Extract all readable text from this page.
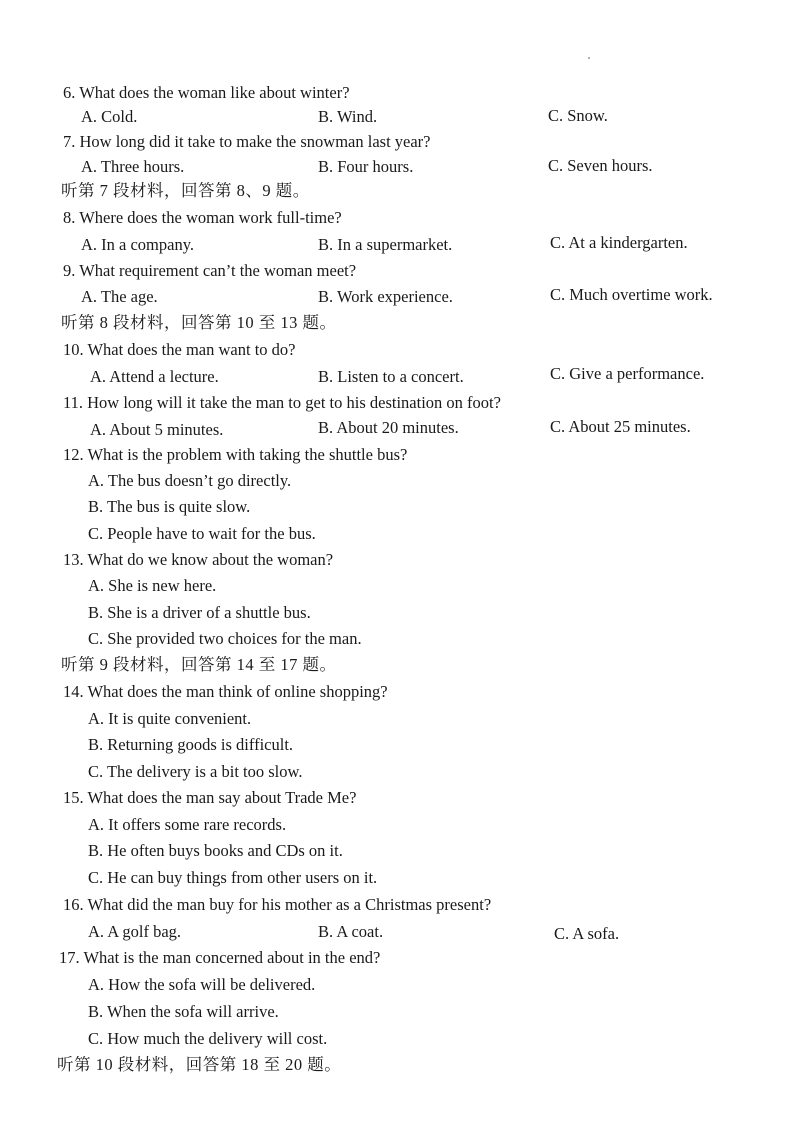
6. What does the woman like about winter?
A. Cold.	B. Wind.	C. Snow.
7. How long did it take to make the snowman last year?
A. Three hours.	B. Four hours.	C. Seven hours.
听第 7 段材料，回答第 8、9 题。
8. Where does the woman work full-time?
A. In a company.	B. In a supermarket.	C. At a kindergarten.
9. What requirement can’t the woman meet?
A. The age.	B. Work experience.	C. Much overtime work.
听第 8 段材料，回答第 10 至 13 题。
10. What does the man want to do?
A. Attend a lecture.	B. Listen to a concert.	C. Give a performance.
11. How long will it take the man to get to his destination on foot?
A. About 5 minutes.	B. About 20 minutes.	C. About 25 minutes.
12. What is the problem with taking the shuttle bus?
A. The bus doesn’t go directly.
B. The bus is quite slow.
C. People have to wait for the bus.
13. What do we know about the woman?
A. She is new here.
B. She is a driver of a shuttle bus.
C. She provided two choices for the man.
听第 9 段材料，回答第 14 至 17 题。
14. What does the man think of online shopping?
A. It is quite convenient.
B. Returning goods is difficult.
C. The delivery is a bit too slow.
15. What does the man say about Trade Me?
A. It offers some rare records.
B. He often buys books and CDs on it.
C. He can buy things from other users on it.
16. What did the man buy for his mother as a Christmas present?
A. A golf bag.	B. A coat.	C. A sofa.
17. What is the man concerned about in the end?
A. How the sofa will be delivered.
B. When the sofa will arrive.
C. How much the delivery will cost.
听第 10 段材料，回答第 18 至 20 题。
